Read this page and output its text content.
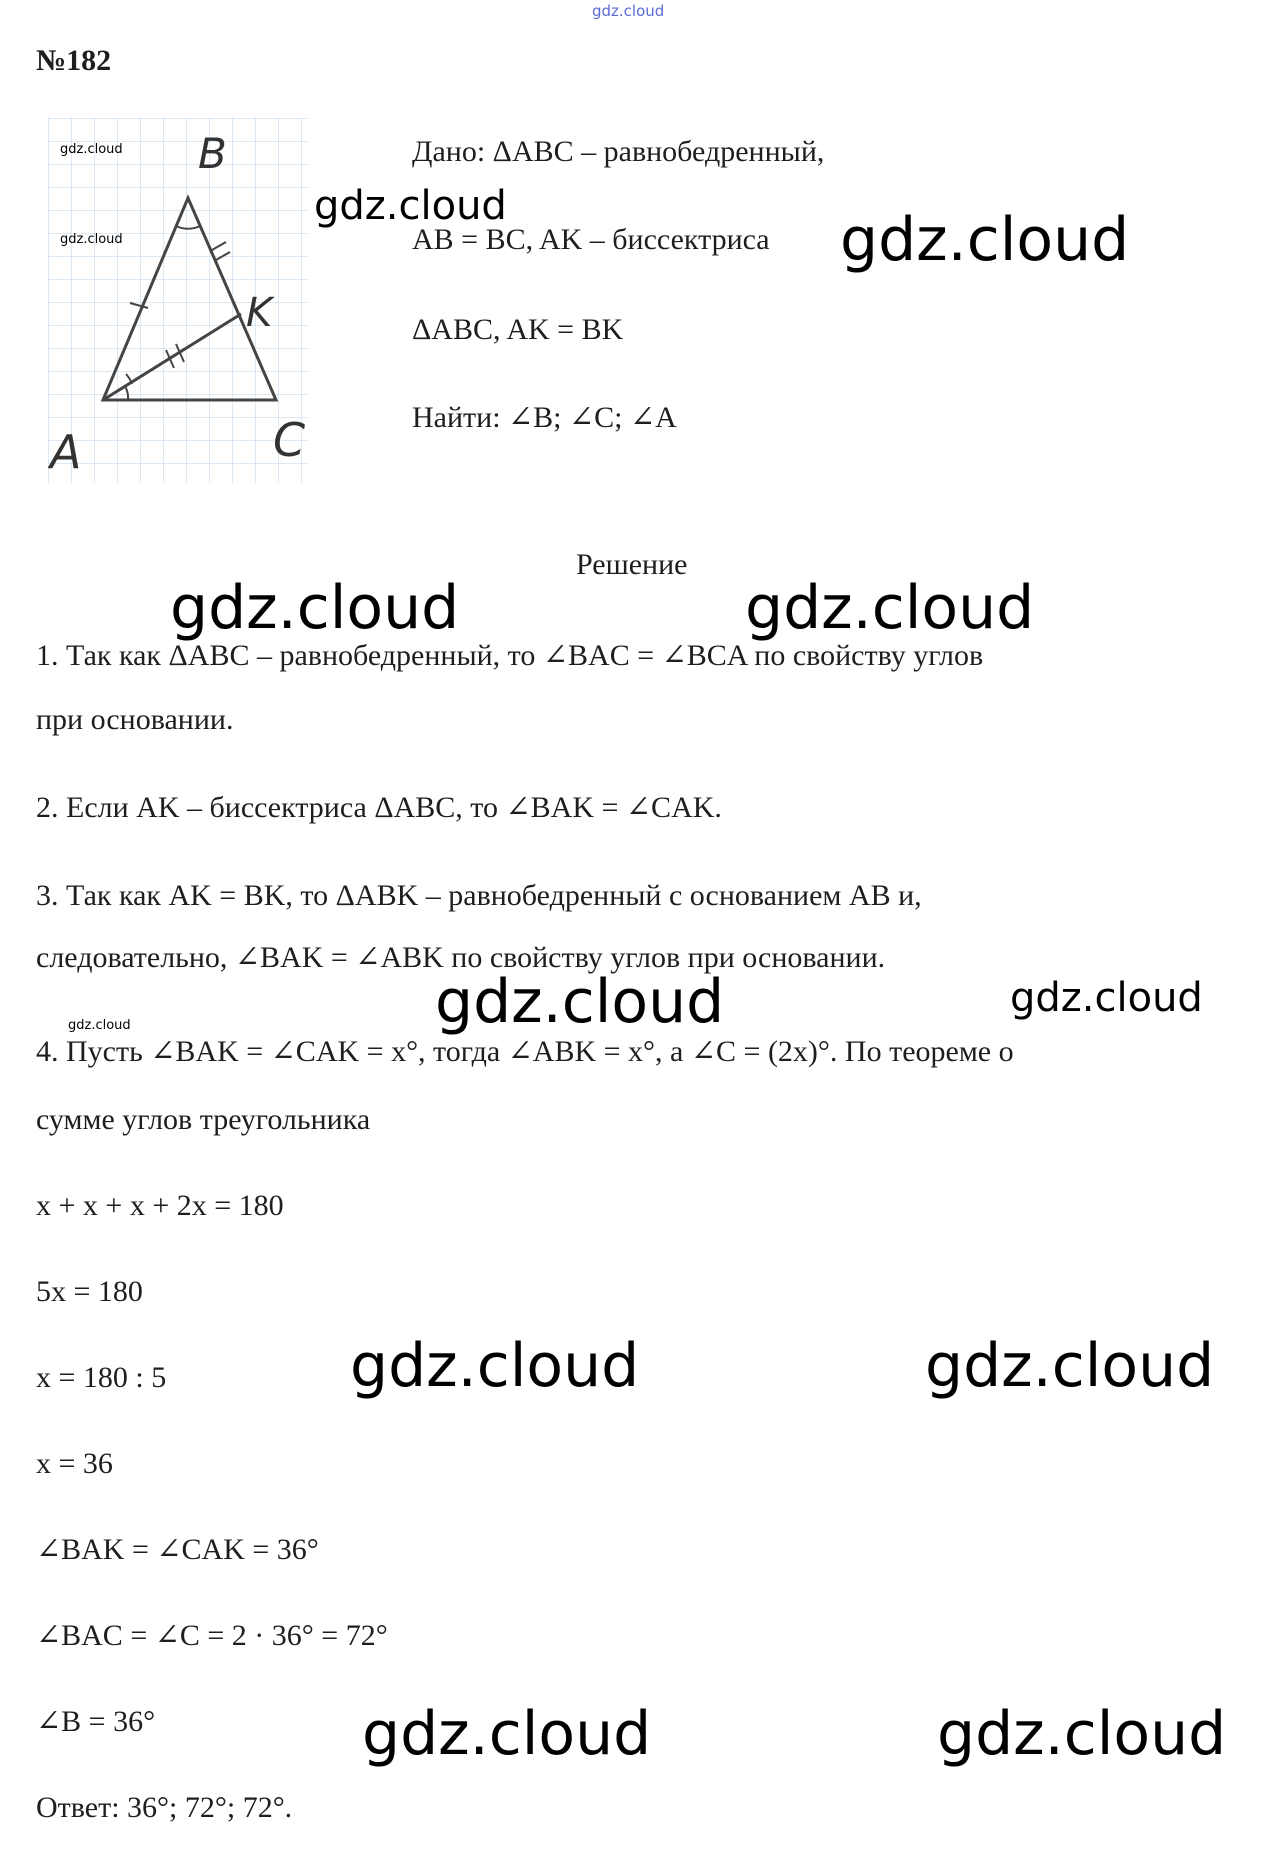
gdz.cloud
№182
B
K
A	C
gdz.cloud
gdz.cloud
Дано: ΔABC – равнобедренный,
AB = BC, AK – биссектриса
ΔABC, AK = BK
Найти: ∠B; ∠C; ∠A
gdz.cloud	gdz.cloud
Решение
gdz.cloud	gdz.cloud
1. Так как ΔABC – равнобедренный, то ∠BAC = ∠BCA по свойству углов
при основании.
2. Если AK – биссектриса ΔABC, то ∠BAK = ∠CAK.
3. Так как AK = BK, то ΔABK – равнобедренный с основанием AB и,
следовательно, ∠BAK = ∠ABK по свойству углов при основании.
gdz.cloud	gdz.cloud
gdz.cloud
4. Пусть ∠BAK = ∠CAK = x°, тогда ∠ABK = x°, а ∠C = (2x)°. По теореме о
сумме углов треугольника
x + x + x + 2x = 180
5x = 180
x = 180 : 5
x = 36
gdz.cloud	gdz.cloud
∠BAK = ∠CAK = 36°
∠BAC = ∠C = 2 · 36° = 72°
∠B = 36°	gdz.cloud	gdz.cloud
Ответ: 36°; 72°; 72°.
